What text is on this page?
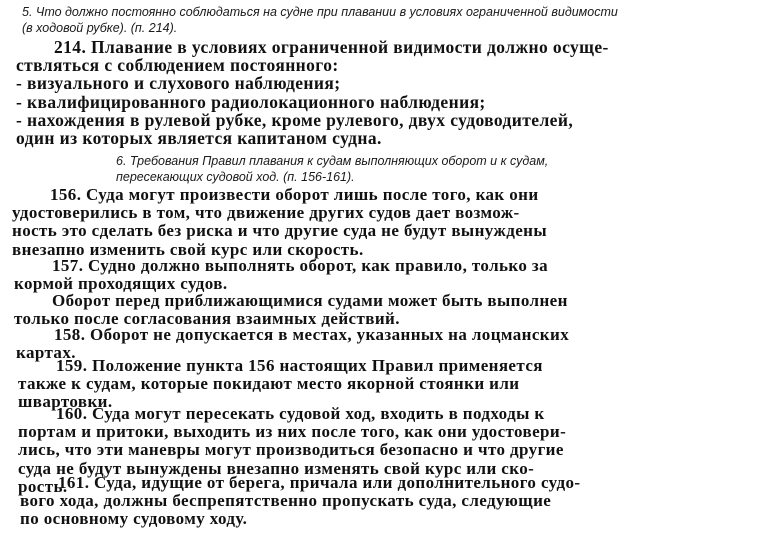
5. Что должно постоянно соблюдаться на судне при плавании в условиях ограниченной видимости
(в ходовой рубке). (п. 214).
214. Плавание в условиях ограниченной видимости должно осуще-
ствляться с соблюдением постоянного:
- визуального и слухового наблюдения;
- квалифицированного радиолокационного наблюдения;
- нахождения в рулевой рубке, кроме рулевого, двух судоводителей,
один из которых является капитаном судна.
6. Требования Правил плавания к судам выполняющих оборот и к судам,
пересекающих судовой ход. (п. 156-161).
156. Суда могут произвести оборот лишь после того, как они
удостоверились в том, что движение других судов дает возмож-
ность это сделать без риска и что другие суда не будут вынуждены
внезапно изменить свой курс или скорость.
157. Судно должно выполнять оборот, как правило, только за
кормой проходящих судов.
Оборот перед приближающимися судами может быть выполнен
только после согласования взаимных действий.
158. Оборот не допускается в местах, указанных на лоцманских
картах.
159. Положение пункта 156 настоящих Правил применяется
также к судам, которые покидают место якорной стоянки или
швартовки.
160. Суда могут пересекать судовой ход, входить в подходы к
портам и притоки, выходить из них после того, как они удостовери-
лись, что эти маневры могут производиться безопасно и что другие
суда не будут вынуждены внезапно изменять свой курс или ско-
рость.
161. Суда, идущие от берега, причала или дополнительного судо-
вого хода, должны беспрепятственно пропускать суда, следующие
по основному судовому ходу.
